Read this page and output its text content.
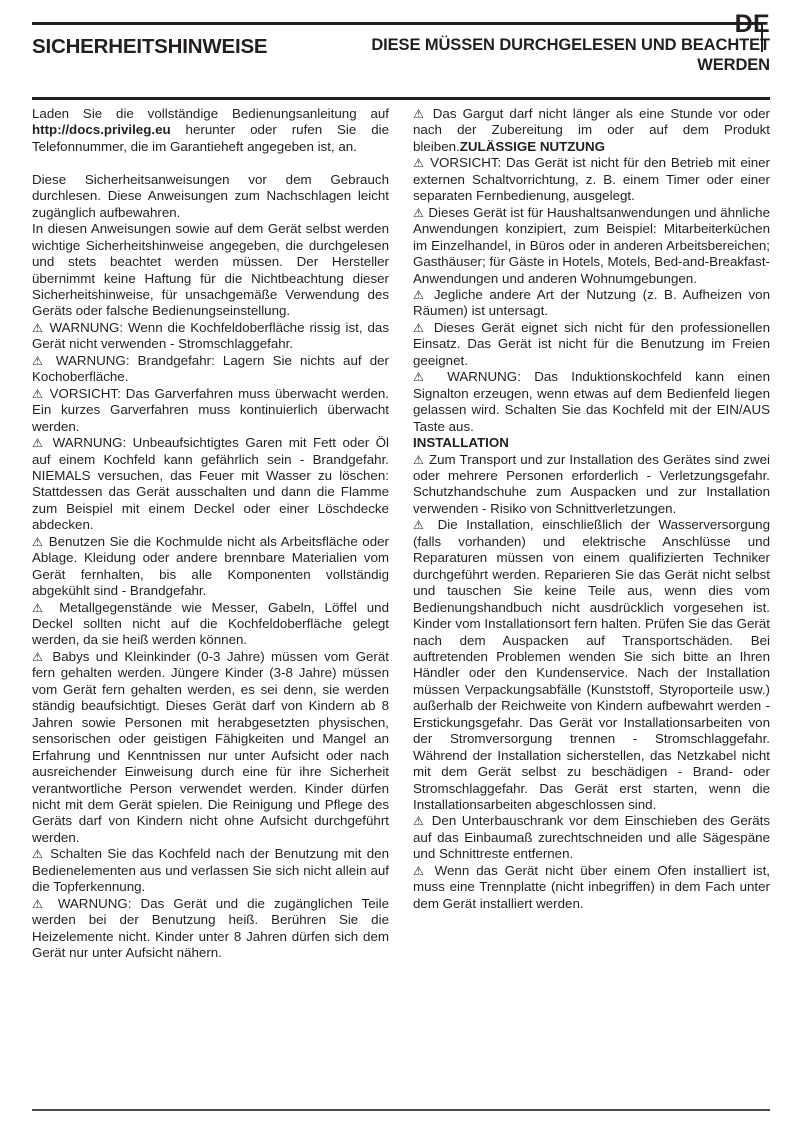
DE
SICHERHEITSHINWEISE	DIESE MÜSSEN DURCHGELESEN UND BEACHTET WERDEN

Laden Sie die vollständige Bedienungsanleitung auf http://docs.privileg.eu herunter oder rufen Sie die Telefonnummer, die im Garantieheft angegeben ist, an.

Diese Sicherheitsanweisungen vor dem Gebrauch durchlesen. Diese Anweisungen zum Nachschlagen leicht zugänglich aufbewahren.

In diesen Anweisungen sowie auf dem Gerät selbst werden wichtige Sicherheitshinweise angegeben, die durchgelesen und stets beachtet werden müssen. Der Hersteller übernimmt keine Haftung für die Nichtbeachtung dieser Sicherheitshinweise, für unsachgemäße Verwendung des Geräts oder falsche Bedienungseinstellung.

⚠ WARNUNG: Wenn die Kochfeldoberfläche rissig ist, das Gerät nicht verwenden - Stromschlaggefahr.

⚠ WARNUNG: Brandgefahr: Lagern Sie nichts auf der Kochoberfläche.

⚠ VORSICHT: Das Garverfahren muss überwacht werden. Ein kurzes Garverfahren muss kontinuierlich überwacht werden.

⚠ WARNUNG: Unbeaufsichtigtes Garen mit Fett oder Öl auf einem Kochfeld kann gefährlich sein - Brandgefahr. NIEMALS versuchen, das Feuer mit Wasser zu löschen: Stattdessen das Gerät ausschalten und dann die Flamme zum Beispiel mit einem Deckel oder einer Löschdecke abdecken.

⚠ Benutzen Sie die Kochmulde nicht als Arbeitsfläche oder Ablage. Kleidung oder andere brennbare Materialien vom Gerät fernhalten, bis alle Komponenten vollständig abgekühlt sind - Brandgefahr.

⚠ Metallgegenstände wie Messer, Gabeln, Löffel und Deckel sollten nicht auf die Kochfeldoberfläche gelegt werden, da sie heiß werden können.

⚠ Babys und Kleinkinder (0-3 Jahre) müssen vom Gerät fern gehalten werden. Jüngere Kinder (3-8 Jahre) müssen vom Gerät fern gehalten werden, es sei denn, sie werden ständig beaufsichtigt. Dieses Gerät darf von Kindern ab 8 Jahren sowie Personen mit herabgesetzten physischen, sensorischen oder geistigen Fähigkeiten und Mangel an Erfahrung und Kenntnissen nur unter Aufsicht oder nach ausreichender Einweisung durch eine für ihre Sicherheit verantwortliche Person verwendet werden. Kinder dürfen nicht mit dem Gerät spielen. Die Reinigung und Pflege des Geräts darf von Kindern nicht ohne Aufsicht durchgeführt werden.

⚠ Schalten Sie das Kochfeld nach der Benutzung mit den Bedienelementen aus und verlassen Sie sich nicht allein auf die Topferkennung.

⚠ WARNUNG: Das Gerät und die zugänglichen Teile werden bei der Benutzung heiß. Berühren Sie die Heizelemente nicht. Kinder unter 8 Jahren dürfen sich dem Gerät nur unter Aufsicht nähern.

⚠ Das Gargut darf nicht länger als eine Stunde vor oder nach der Zubereitung im oder auf dem Produkt bleiben.ZULÄSSIGE NUTZUNG

⚠ VORSICHT: Das Gerät ist nicht für den Betrieb mit einer externen Schaltvorrichtung, z. B. einem Timer oder einer separaten Fernbedienung, ausgelegt.

⚠ Dieses Gerät ist für Haushaltsanwendungen und ähnliche Anwendungen konzipiert, zum Beispiel: Mitarbeiterküchen im Einzelhandel, in Büros oder in anderen Arbeitsbereichen; Gasthäuser; für Gäste in Hotels, Motels, Bed-and-Breakfast-Anwendungen und anderen Wohnumgebungen.

⚠ Jegliche andere Art der Nutzung (z. B. Aufheizen von Räumen) ist untersagt.

⚠ Dieses Gerät eignet sich nicht für den professionellen Einsatz. Das Gerät ist nicht für die Benutzung im Freien geeignet.

⚠ WARNUNG: Das Induktionskochfeld kann einen Signalton erzeugen, wenn etwas auf dem Bedienfeld liegen gelassen wird. Schalten Sie das Kochfeld mit der EIN/AUS Taste aus.

INSTALLATION

⚠ Zum Transport und zur Installation des Gerätes sind zwei oder mehrere Personen erforderlich - Verletzungsgefahr. Schutzhandschuhe zum Auspacken und zur Installation verwenden - Risiko von Schnittverletzungen.

⚠ Die Installation, einschließlich der Wasserversorgung (falls vorhanden) und elektrische Anschlüsse und Reparaturen müssen von einem qualifizierten Techniker durchgeführt werden. Reparieren Sie das Gerät nicht selbst und tauschen Sie keine Teile aus, wenn dies vom Bedienungshandbuch nicht ausdrücklich vorgesehen ist. Kinder vom Installationsort fern halten. Prüfen Sie das Gerät nach dem Auspacken auf Transportschäden. Bei auftretenden Problemen wenden Sie sich bitte an Ihren Händler oder den Kundenservice. Nach der Installation müssen Verpackungsabfälle (Kunststoff, Styroporteile usw.) außerhalb der Reichweite von Kindern aufbewahrt werden - Erstickungsgefahr. Das Gerät vor Installationsarbeiten von der Stromversorgung trennen - Stromschlaggefahr. Während der Installation sicherstellen, das Netzkabel nicht mit dem Gerät selbst zu beschädigen - Brand- oder Stromschlaggefahr. Das Gerät erst starten, wenn die Installationsarbeiten abgeschlossen sind.

⚠ Den Unterbauschrank vor dem Einschieben des Geräts auf das Einbaumaß zurechtschneiden und alle Sägespäne und Schnittreste entfernen.

⚠ Wenn das Gerät nicht über einem Ofen installiert ist, muss eine Trennplatte (nicht inbegriffen) in dem Fach unter dem Gerät installiert werden.
